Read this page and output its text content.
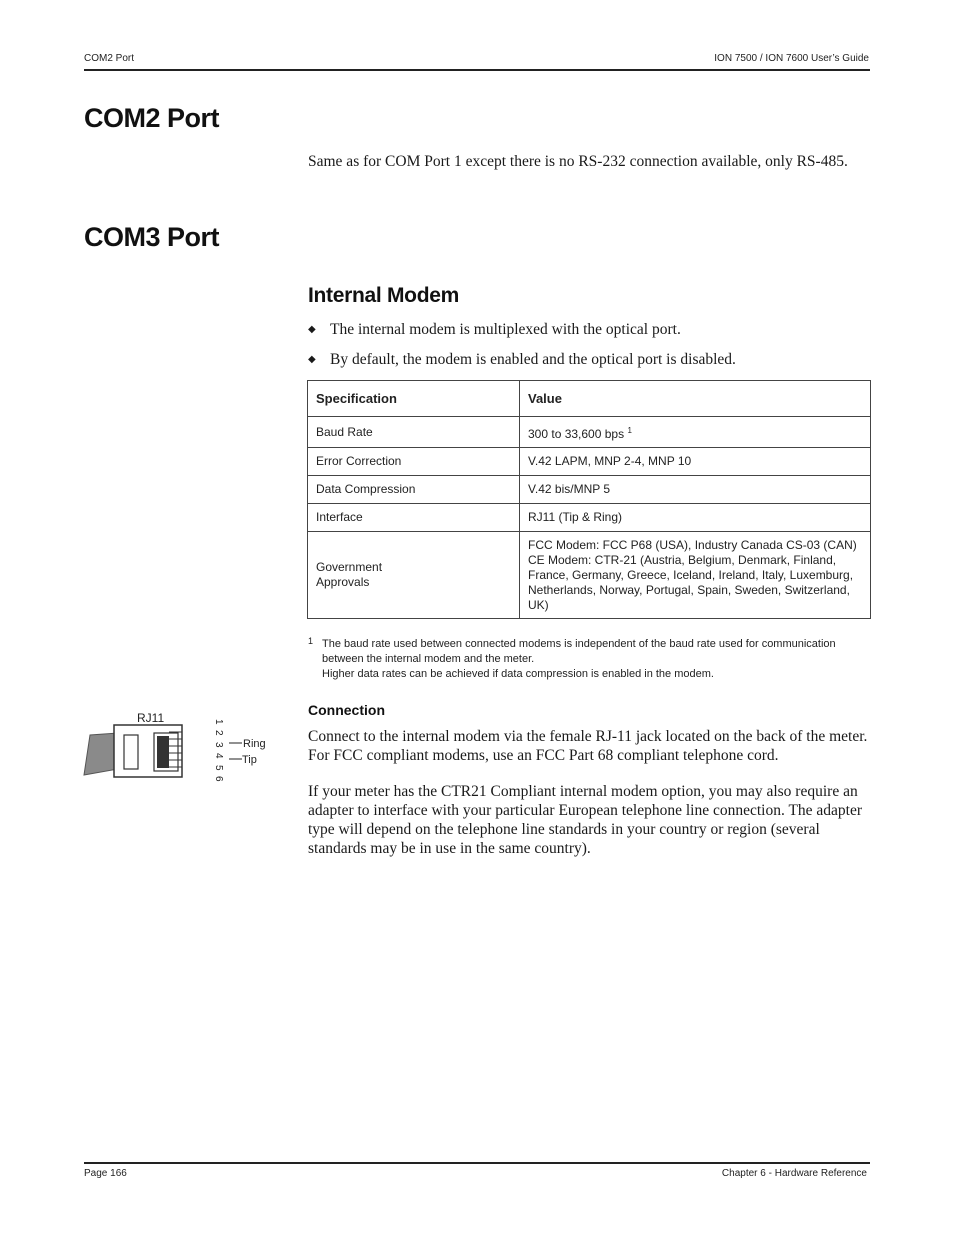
COM2 Port	ION 7500 / ION 7600 User’s Guide
COM2 Port

Same as for COM Port 1 except there is no RS-232 connection available, only RS-485.

COM3 Port
Internal Modem

◆ The internal modem is multiplexed with the optical port.

◆ By default, the modem is enabled and the optical port is disabled.

Specification	Value
Baud Rate	300 to 33,600 bps $^1$
Error Correction	V.42 LAPM, MNP 2-4, MNP 10
Data Compression	V.42 bis/MNP 5
Interface	RJ11 (Tip & Ring)

Government Approvals	FCC Modem: FCC P68 (USA), Industry Canada CS-03 (CAN)
CE Modem: CTR-21 (Austria, Belgium, Denmark, Finland, France, Germany, Greece, Iceland, Ireland, Italy, Luxemburg, Netherlands, Norway, Portugal, Spain, Sweden, Switzerland, UK)
1 The baud rate used between connected modems is independent of the baud rate used for communication between the internal modem and the meter.
Higher data rates can be achieved if data compression is enabled in the modem.
RJ11	1
2
3
4
5
6
Ring
Tip
Connection

Connect to the internal modem via the female RJ-11 jack located on the back of the meter. For FCC compliant modems, use an FCC Part 68 compliant telephone cord.

If your meter has the CTR21 Compliant internal modem option, you may also require an adapter to interface with your particular European telephone line connection. The adapter type will depend on the telephone line standards in your country or region (several standards may be in use in the same country).

Page 166	Chapter 6 - Hardware Reference
